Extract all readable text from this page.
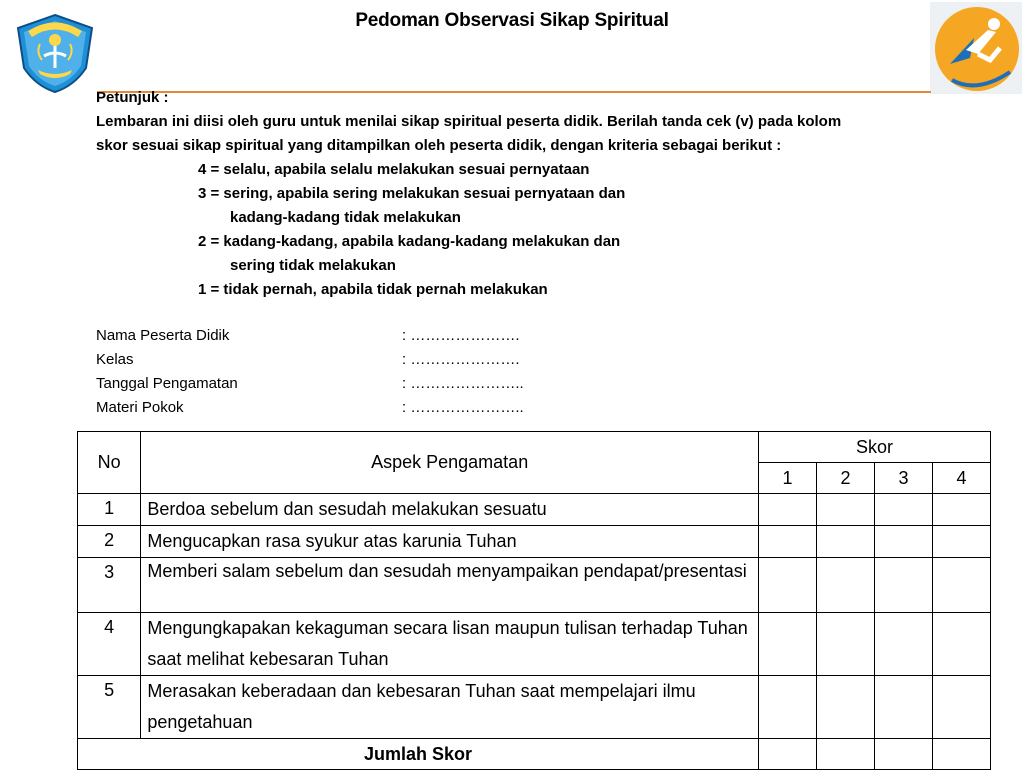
Pedoman Observasi Sikap Spiritual
Petunjuk :
Lembaran ini diisi oleh guru untuk menilai sikap spiritual peserta didik. Berilah tanda cek (v) pada kolom
skor sesuai sikap spiritual yang ditampilkan oleh peserta didik, dengan kriteria sebagai berikut :
4 = selalu, apabila selalu melakukan sesuai pernyataan
3 = sering, apabila sering melakukan sesuai pernyataan dan
kadang-kadang tidak melakukan
2 = kadang-kadang, apabila kadang-kadang melakukan dan
sering tidak melakukan
1 = tidak pernah, apabila tidak pernah melakukan
Nama Peserta Didik	: ………………….
Kelas	: ………………….
Tanggal Pengamatan	: …………………..
Materi Pokok	: …………………..
No	Aspek Pengamatan	Skor			
		1	2	3	4
1	Berdoa sebelum dan sesudah melakukan sesuatu				
2	Mengucapkan rasa syukur atas karunia Tuhan				
3	Memberi salam sebelum dan sesudah menyampaikan pendapat/presentasi				
4	Mengungkapakan kekaguman secara lisan maupun tulisan terhadap Tuhan saat melihat kebesaran Tuhan				
5	Merasakan keberadaan dan kebesaran Tuhan saat mempelajari ilmu pengetahuan				
Jumlah Skor					
